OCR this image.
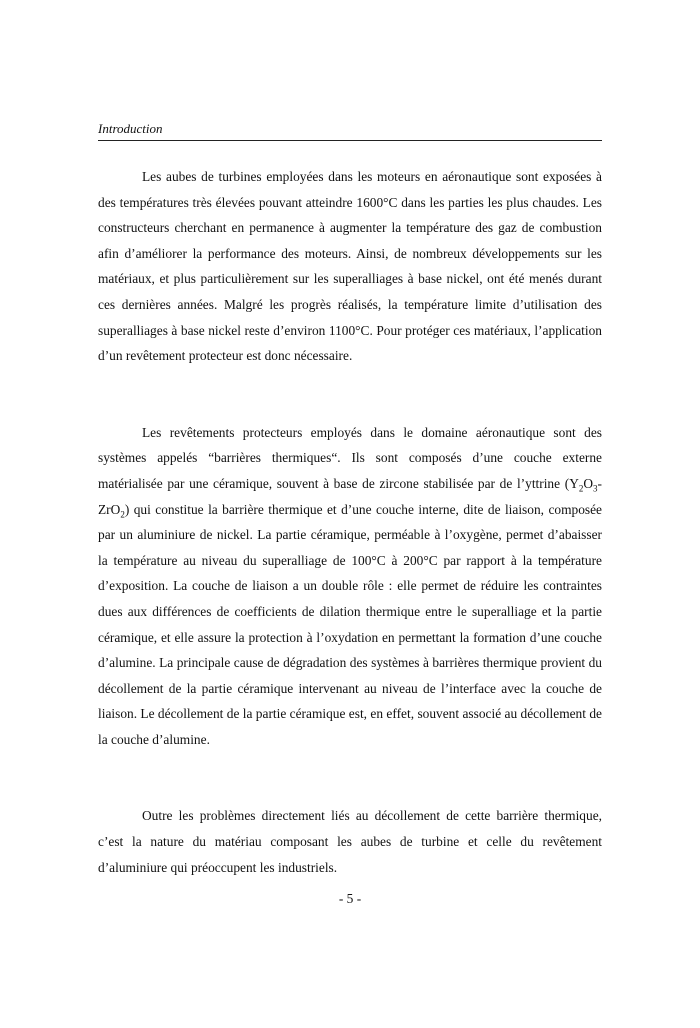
Introduction

Les aubes de turbines employées dans les moteurs en aéronautique sont exposées à des températures très élevées pouvant atteindre 1600°C dans les parties les plus chaudes. Les constructeurs cherchant en permanence à augmenter la température des gaz de combustion afin d’améliorer la performance des moteurs. Ainsi, de nombreux développements sur les matériaux, et plus particulièrement sur les superalliages à base nickel, ont été menés durant ces dernières années. Malgré les progrès réalisés, la température limite d’utilisation des superalliages à base nickel reste d’environ 1100°C. Pour protéger ces matériaux, l’application d’un revêtement protecteur est donc nécessaire.

Les revêtements protecteurs employés dans le domaine aéronautique sont des systèmes appelés “barrières thermiques“. Ils sont composés d’une couche externe matérialisée par une céramique, souvent à base de zircone stabilisée par de l’yttrine $(Y_2O_3-ZrO_2)$ qui constitue la barrière thermique et d’une couche interne, dite de liaison, composée par un aluminiure de nickel. La partie céramique, perméable à l’oxygène, permet d’abaisser la température au niveau du superalliage de 100°C à 200°C par rapport à la température d’exposition. La couche de liaison a un double rôle : elle permet de réduire les contraintes dues aux différences de coefficients de dilation thermique entre le superalliage et la partie céramique, et elle assure la protection à l’oxydation en permettant la formation d’une couche d’alumine. La principale cause de dégradation des systèmes à barrières thermique provient du décollement de la partie céramique intervenant au niveau de l’interface avec la couche de liaison. Le décollement de la partie céramique est, en effet, souvent associé au décollement de la couche d’alumine.

Outre les problèmes directement liés au décollement de cette barrière thermique, c’est la nature du matériau composant les aubes de turbine et celle du revêtement d’aluminiure qui préoccupent les industriels.

- 5 -
